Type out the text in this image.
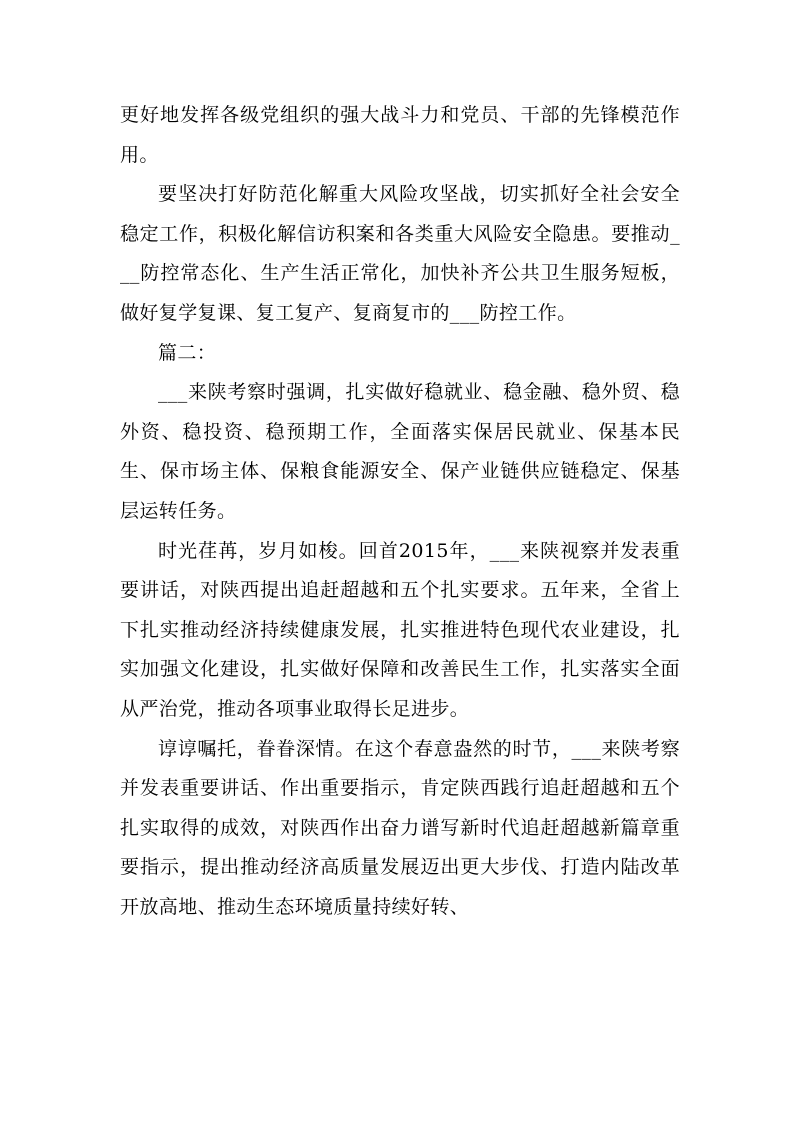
更好地发挥各级党组织的强大战斗力和党员、干部的先锋模范作用。

要坚决打好防范化解重大风险攻坚战，切实抓好全社会安全稳定工作，积极化解信访积案和各类重大风险安全隐患。要推动___防控常态化、生产生活正常化，加快补齐公共卫生服务短板，做好复学复课、复工复产、复商复市的___防控工作。

篇二：

___来陕考察时强调，扎实做好稳就业、稳金融、稳外贸、稳外资、稳投资、稳预期工作，全面落实保居民就业、保基本民生、保市场主体、保粮食能源安全、保产业链供应链稳定、保基层运转任务。

时光荏苒，岁月如梭。回首2015年，___来陕视察并发表重要讲话，对陕西提出追赶超越和五个扎实要求。五年来，全省上下扎实推动经济持续健康发展，扎实推进特色现代农业建设，扎实加强文化建设，扎实做好保障和改善民生工作，扎实落实全面从严治党，推动各项事业取得长足进步。

谆谆嘱托，眷眷深情。在这个春意盎然的时节，___来陕考察并发表重要讲话、作出重要指示，肯定陕西践行追赶超越和五个扎实取得的成效，对陕西作出奋力谱写新时代追赶超越新篇章重要指示，提出推动经济高质量发展迈出更大步伐、打造内陆改革开放高地、推动生态环境质量持续好转、
